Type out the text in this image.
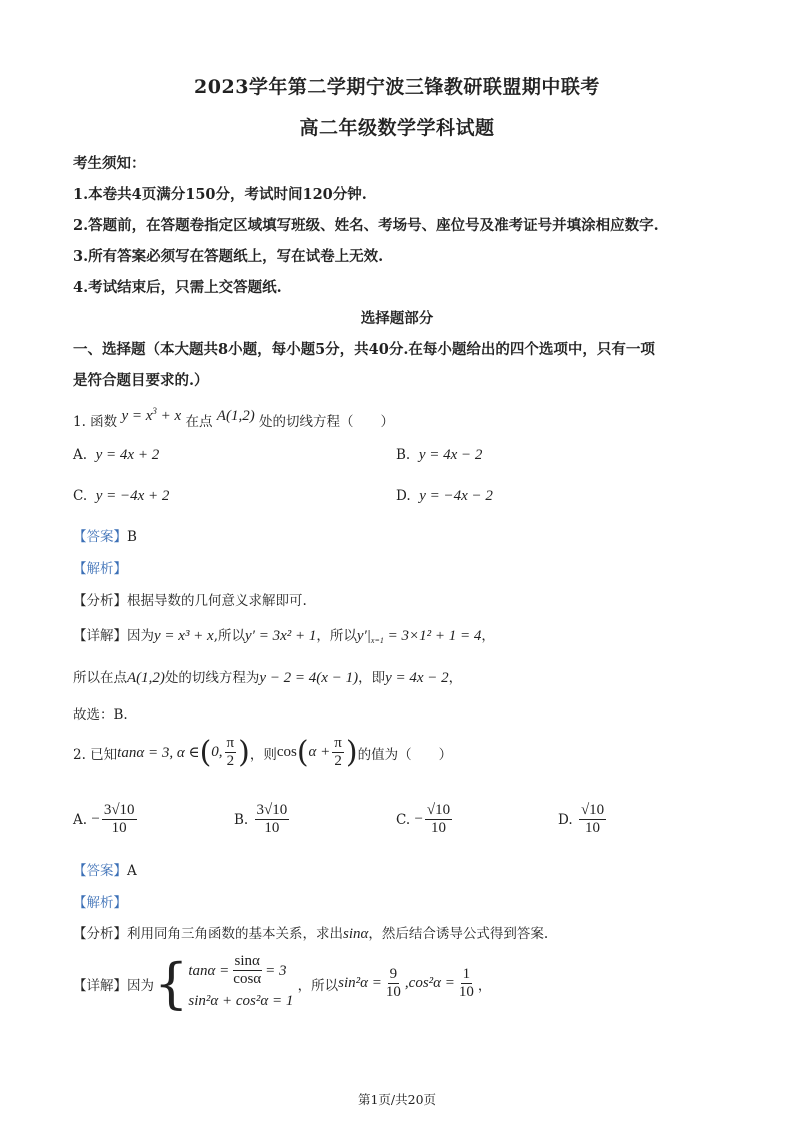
2023学年第二学期宁波三锋教研联盟期中联考
高二年级数学学科试题
考生须知：
1.本卷共4页满分150分，考试时间120分钟.
2.答题前，在答题卷指定区域填写班级、姓名、考场号、座位号及准考证号并填涂相应数字.
3.所有答案必须写在答题纸上，写在试卷上无效.
4.考试结束后，只需上交答题纸.
选择题部分
一、选择题（本大题共8小题，每小题5分，共40分.在每小题给出的四个选项中，只有一项
是符合题目要求的.）
1. 函数 $y = x^3 + x$ 在点 A(1,2) 处的切线方程（　　）
A. y = 4x + 2	B. y = 4x − 2
C. y = −4x + 2	D. y = −4x − 2
【答案】B
【解析】
【分析】根据导数的几何意义求解即可.
【详解】因为y = x³ + x,所以y′ = 3x² + 1，所以$y'|_{x=1} = 3\times 1^2 + 1 = 4$，
所以在点A(1,2)处的切线方程为y − 2 = 4(x − 1)，即y = 4x − 2，
故选：B.
2. 已知 tanα = 3, α ∈ ( 0, $\frac{\pi}{2}$ ) ，则 cos ( $\alpha + \frac{\pi}{2}$ ) 的值为（　　）
A.
− $\frac{3√10}{10}$	B.
$\frac{3√10}{10}$	C.
− $\frac{√10}{10}$	D.
$\frac{√10}{10}$
【答案】A
【解析】
【分析】利用同角三角函数的基本关系，求出sinα，然后结合诱导公式得到答案.
【详解】 因为 { $\tan\alpha = \frac{\sin\alpha}{\cos\alpha} = 3$
sin²α + cos²α = 1

，所以 $\sin^2\alpha = \frac{9}{10} ,\cos^2\alpha = \frac{1}{10}$ ，
第1页/共20页
